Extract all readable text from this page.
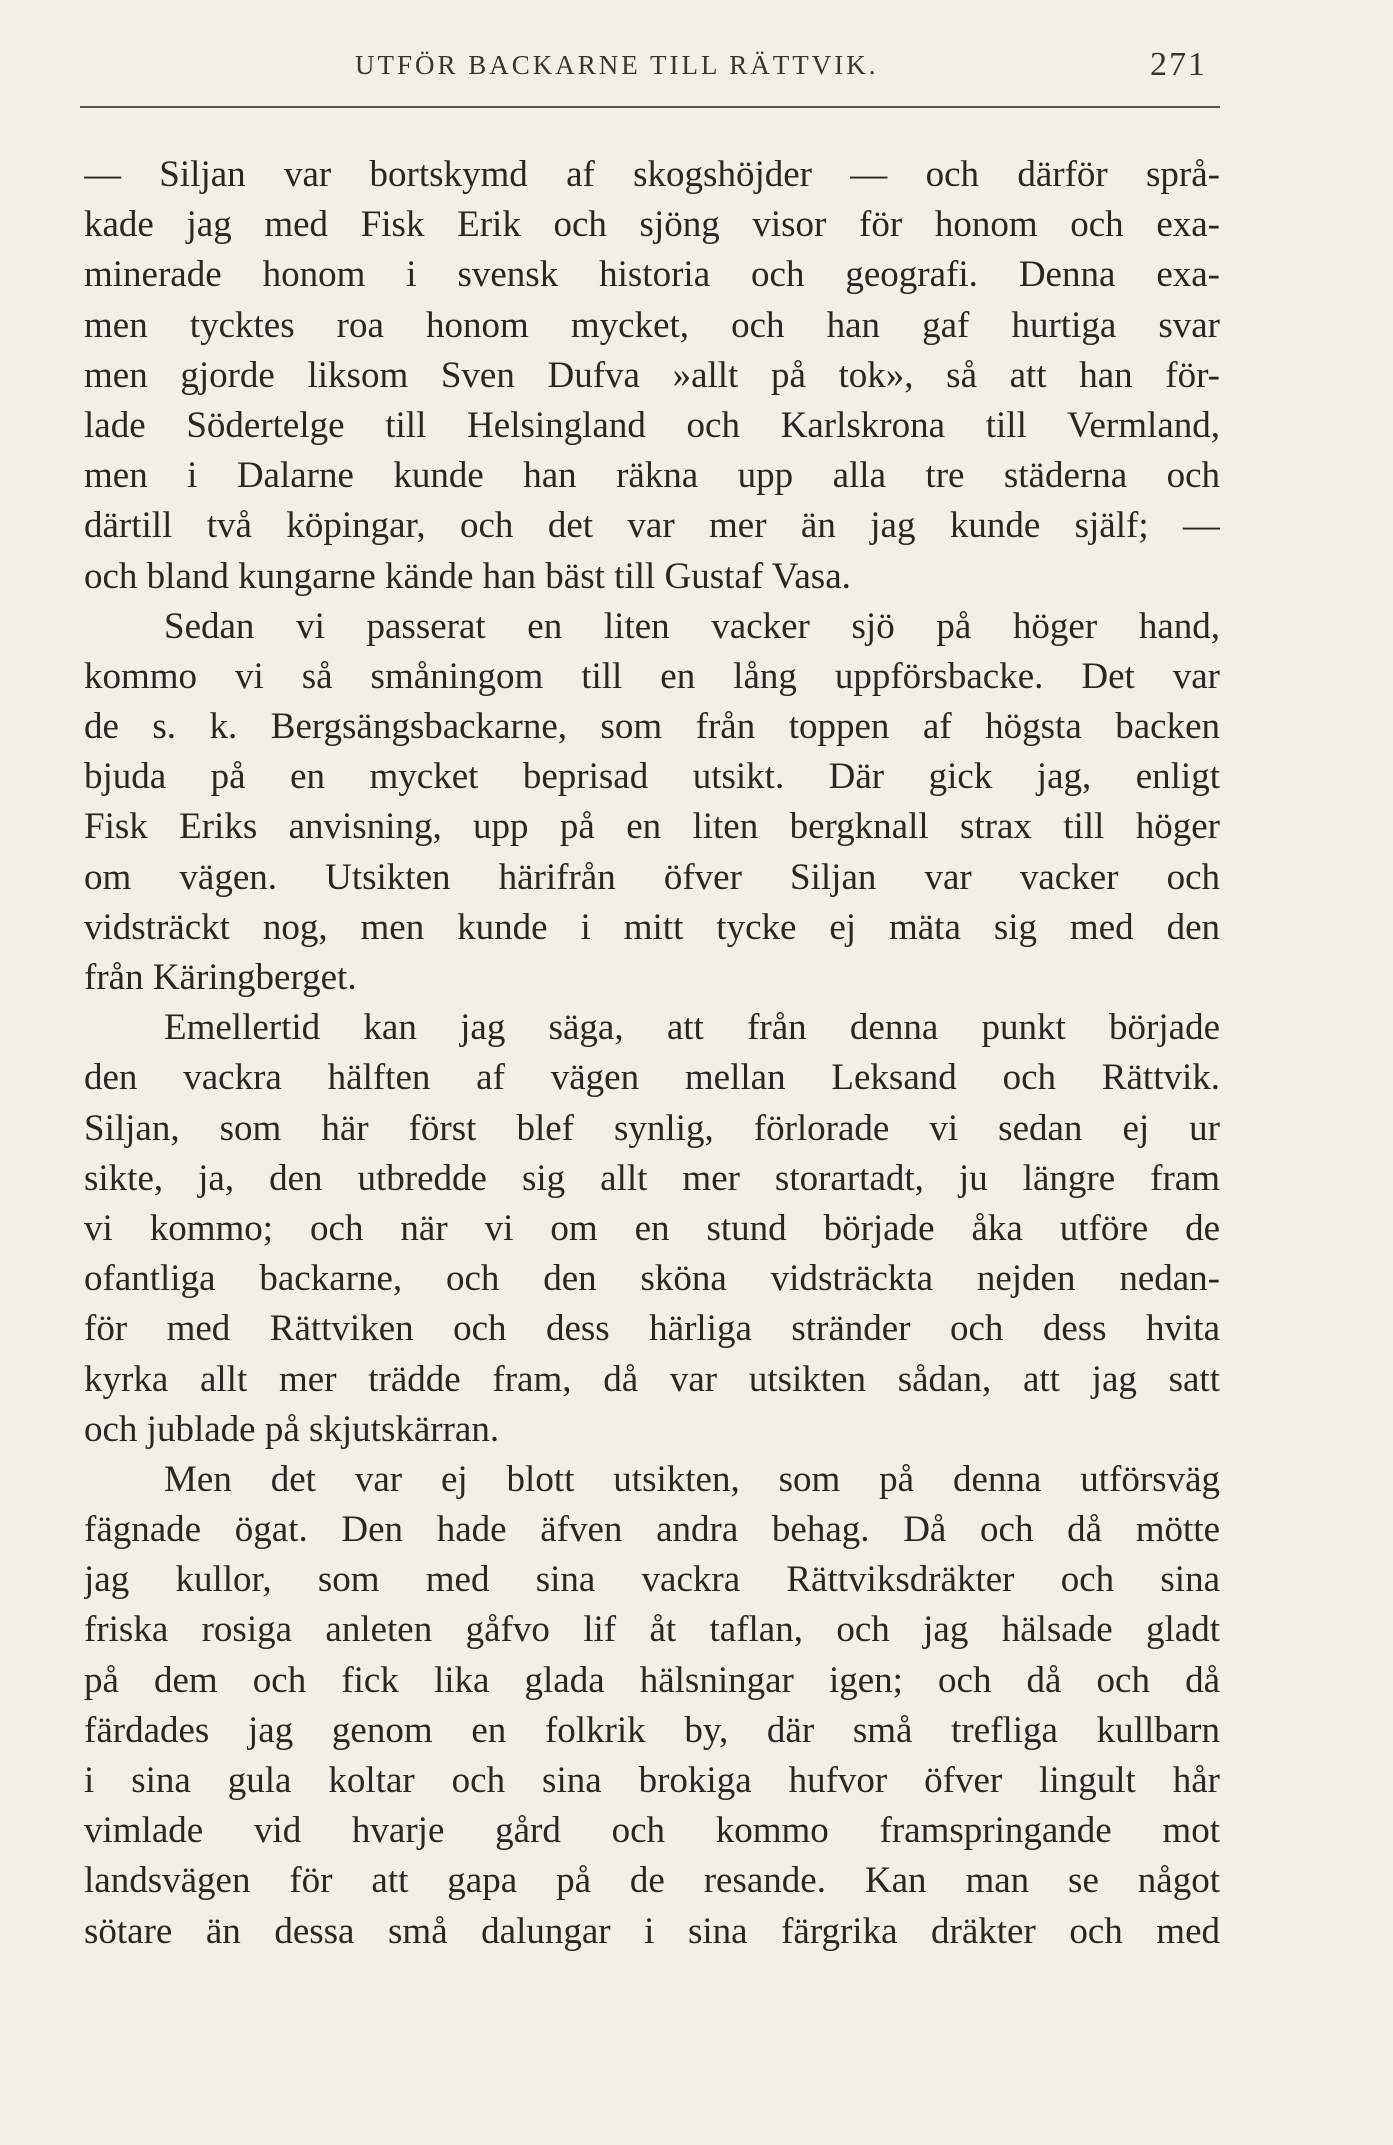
UTFÖR BACKARNE TILL RÄTTVIK.	271
— Siljan var bortskymd af skogshöjder — och därför språ-
kade jag med Fisk Erik och sjöng visor för honom och exa-
minerade honom i svensk historia och geografi. Denna exa-
men tycktes roa honom mycket, och han gaf hurtiga svar
men gjorde liksom Sven Dufva »allt på tok», så att han för-
lade Södertelge till Helsingland och Karlskrona till Vermland,
men i Dalarne kunde han räkna upp alla tre städerna och
därtill två köpingar, och det var mer än jag kunde själf; —
och bland kungarne kände han bäst till Gustaf Vasa.
Sedan vi passerat en liten vacker sjö på höger hand,
kommo vi så småningom till en lång uppförsbacke. Det var
de s. k. Bergsängsbackarne, som från toppen af högsta backen
bjuda på en mycket beprisad utsikt. Där gick jag, enligt
Fisk Eriks anvisning, upp på en liten bergknall strax till höger
om vägen. Utsikten härifrån öfver Siljan var vacker och
vidsträckt nog, men kunde i mitt tycke ej mäta sig med den
från Käringberget.
Emellertid kan jag säga, att från denna punkt började
den vackra hälften af vägen mellan Leksand och Rättvik.
Siljan, som här först blef synlig, förlorade vi sedan ej ur
sikte, ja, den utbredde sig allt mer storartadt, ju längre fram
vi kommo; och när vi om en stund började åka utföre de
ofantliga backarne, och den sköna vidsträckta nejden nedan-
för med Rättviken och dess härliga stränder och dess hvita
kyrka allt mer trädde fram, då var utsikten sådan, att jag satt
och jublade på skjutskärran.
Men det var ej blott utsikten, som på denna utförsväg
fägnade ögat. Den hade äfven andra behag. Då och då mötte
jag kullor, som med sina vackra Rättviksdräkter och sina
friska rosiga anleten gåfvo lif åt taflan, och jag hälsade gladt
på dem och fick lika glada hälsningar igen; och då och då
färdades jag genom en folkrik by, där små trefliga kullbarn
i sina gula koltar och sina brokiga hufvor öfver lingult hår
vimlade vid hvarje gård och kommo framspringande mot
landsvägen för att gapa på de resande. Kan man se något
sötare än dessa små dalungar i sina färgrika dräkter och med
